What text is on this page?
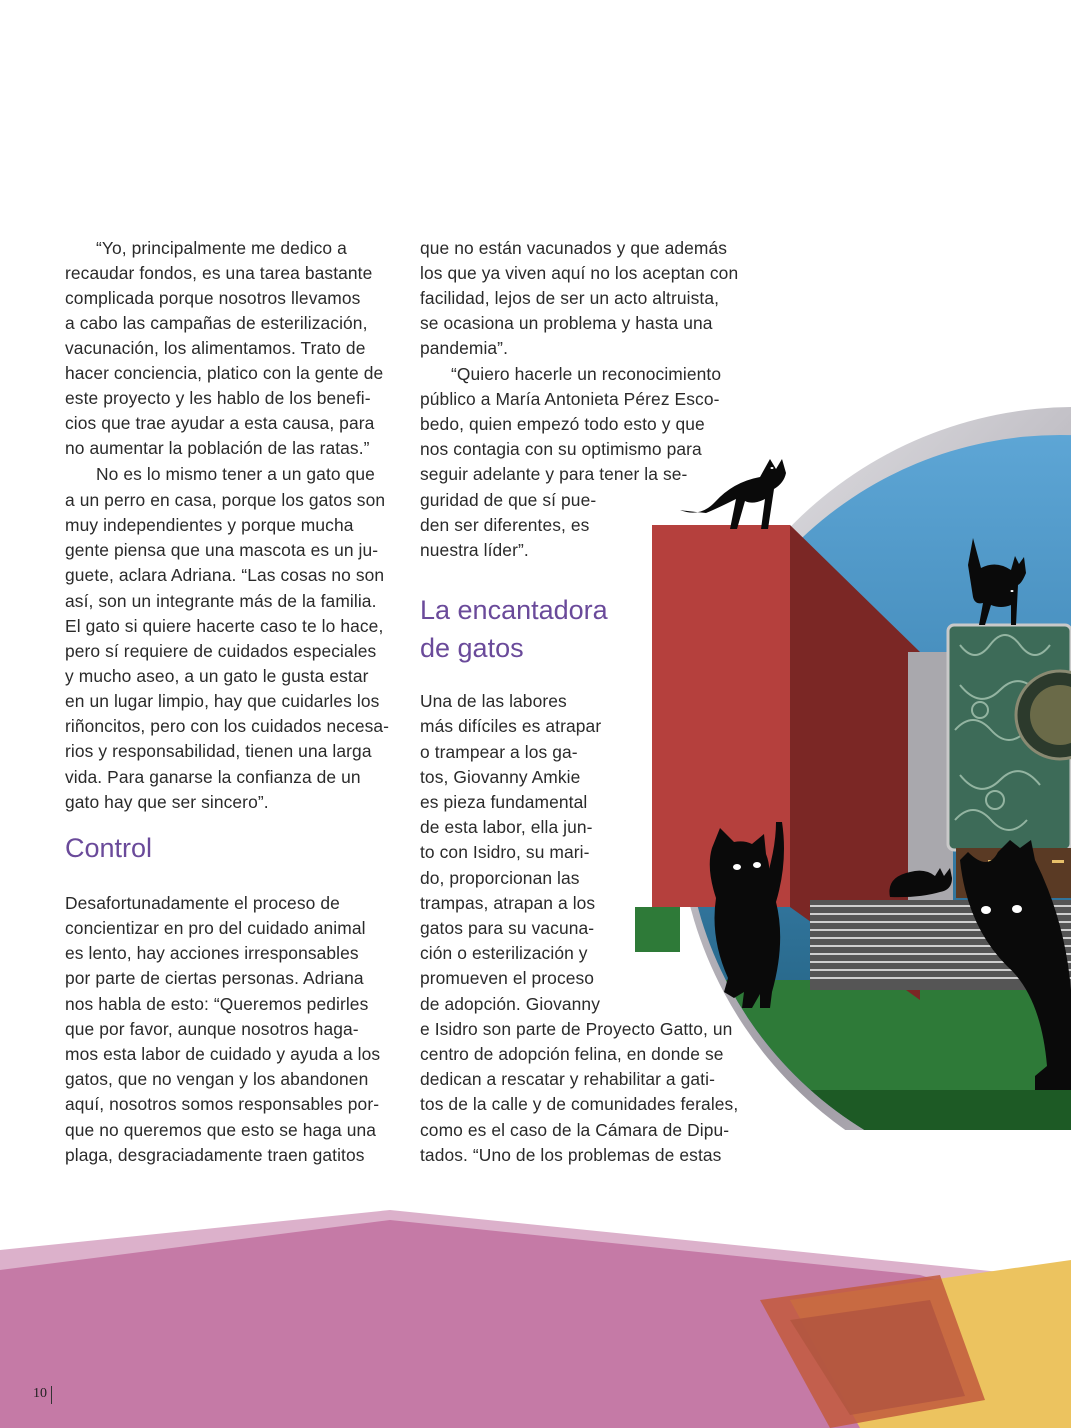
“Yo, principalmente me dedico a
recaudar fondos, es una tarea bastante
complicada porque nosotros llevamos
a cabo las campañas de esterilización,
vacunación, los alimentamos. Trato de
hacer conciencia, platico con la gente de
este proyecto y les hablo de los benefi-
cios que trae ayudar a esta causa, para
no aumentar la población de las ratas.”
No es lo mismo tener a un gato que
a un perro en casa, porque los gatos son
muy independientes y porque mucha
gente piensa que una mascota es un ju-
guete, aclara Adriana. “Las cosas no son
así, son un integrante más de la familia.
El gato si quiere hacerte caso te lo hace,
pero sí requiere de cuidados especiales
y mucho aseo, a un gato le gusta estar
en un lugar limpio, hay que cuidarles los
riñoncitos, pero con los cuidados necesa-
rios y responsabilidad, tienen una larga
vida. Para ganarse la confianza de un
gato hay que ser sincero”.
Control
Desafortunadamente el proceso de
concientizar en pro del cuidado animal
es lento, hay acciones irresponsables
por parte de ciertas personas. Adriana
nos habla de esto: “Queremos pedirles
que por favor, aunque nosotros haga-
mos esta labor de cuidado y ayuda a los
gatos, que no vengan y los abandonen
aquí, nosotros somos responsables por-
que no queremos que esto se haga una
plaga, desgraciadamente traen gatitos
que no están vacunados y que además
los que ya viven aquí no los aceptan con
facilidad, lejos de ser un acto altruista,
se ocasiona un problema y hasta una
pandemia”.
“Quiero hacerle un reconocimiento
público a María Antonieta Pérez Esco-
bedo, quien empezó todo esto y que
nos contagia con su optimismo para
seguir adelante y para tener la se-
guridad de que sí pue-
den ser diferentes, es
nuestra líder”.
La encantadora
de gatos
Una de las labores
más difíciles es atrapar
o trampear a los ga-
tos, Giovanny Amkie
es pieza fundamental
de esta labor, ella jun-
to con Isidro, su mari-
do, proporcionan las
trampas, atrapan a los
gatos para su vacuna-
ción o esterilización y
promueven el proceso
de adopción. Giovanny
e Isidro son parte de Proyecto Gatto, un
centro de adopción felina, en donde se
dedican a rescatar y rehabilitar a gati-
tos de la calle y de comunidades ferales,
como es el caso de la Cámara de Dipu-
tados. “Uno de los problemas de estas
10
